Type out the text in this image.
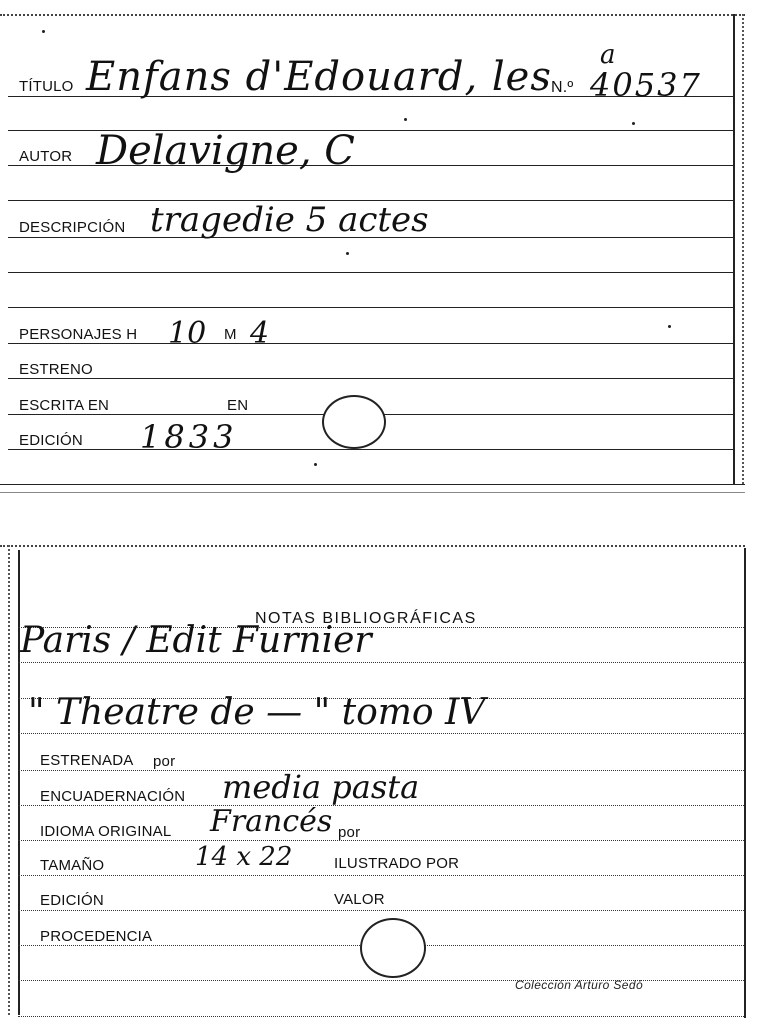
TÍTULO Enfans d'Edouard, les N.º
a
40537
AUTOR Delavigne, C
DESCRIPCIÓN tragedie 5 actes
PERSONAJES H 10 M 4
ESTRENO
ESCRITA EN	EN
EDICIÓN 1833
NOTAS BIBLIOGRÁFICAS
Paris / Edit Furnier
" Theatre de — " tomo IV
ESTRENADA por
ENCUADERNACIÓN media pasta
IDIOMA ORIGINAL Francés por
TAMAÑO	14 x 22	ILUSTRADO POR
EDICIÓN	VALOR
PROCEDENCIA
Colección Arturo Sedó
